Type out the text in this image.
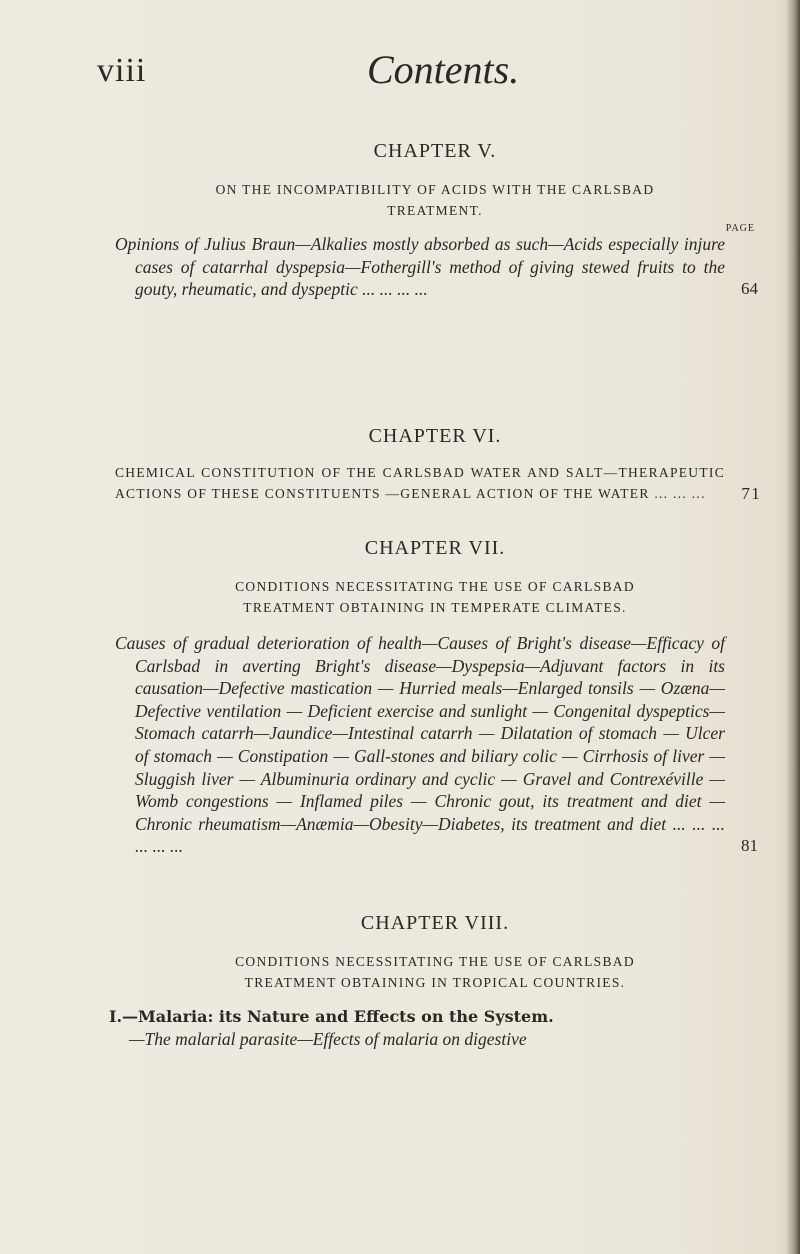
viii	Contents.
CHAPTER V.
ON THE INCOMPATIBILITY OF ACIDS WITH THE CARLSBAD
TREATMENT.
PAGE
Opinions of Julius Braun—Alkalies mostly absorbed as such—Acids especially injure cases of catarrhal dyspepsia—Fothergill's method of giving stewed fruits to the gouty, rheumatic, and dyspeptic ... ... ... ...	64
CHAPTER VI.
CHEMICAL CONSTITUTION OF THE CARLSBAD WATER AND SALT—THERAPEUTIC ACTIONS OF THESE CONSTITUENTS —GENERAL ACTION OF THE WATER ... ... ... 71
CHAPTER VII.
CONDITIONS NECESSITATING THE USE OF CARLSBAD
TREATMENT OBTAINING IN TEMPERATE CLIMATES.
Causes of gradual deterioration of health—Causes of Bright's disease—Efficacy of Carlsbad in averting Bright's disease—Dyspepsia—Adjuvant factors in its causation—Defective mastication — Hurried meals—Enlarged tonsils — Ozæna—Defective ventilation — Deficient exercise and sunlight — Congenital dyspeptics—Stomach catarrh—Jaundice—Intestinal catarrh — Dilatation of stomach — Ulcer of stomach — Constipation — Gall-stones and biliary colic — Cirrhosis of liver — Sluggish liver — Albuminuria ordinary and cyclic — Gravel and Contrexéville — Womb congestions — Inflamed piles — Chronic gout, its treatment and diet — Chronic rheumatism—Anæmia—Obesity—Diabetes, its treatment and diet ... ... ... ... ... ...	81
CHAPTER VIII.
CONDITIONS NECESSITATING THE USE OF CARLSBAD
TREATMENT OBTAINING IN TROPICAL COUNTRIES.
I.—Malaria: its Nature and Effects on the System.
—The malarial parasite—Effects of malaria on digestive
